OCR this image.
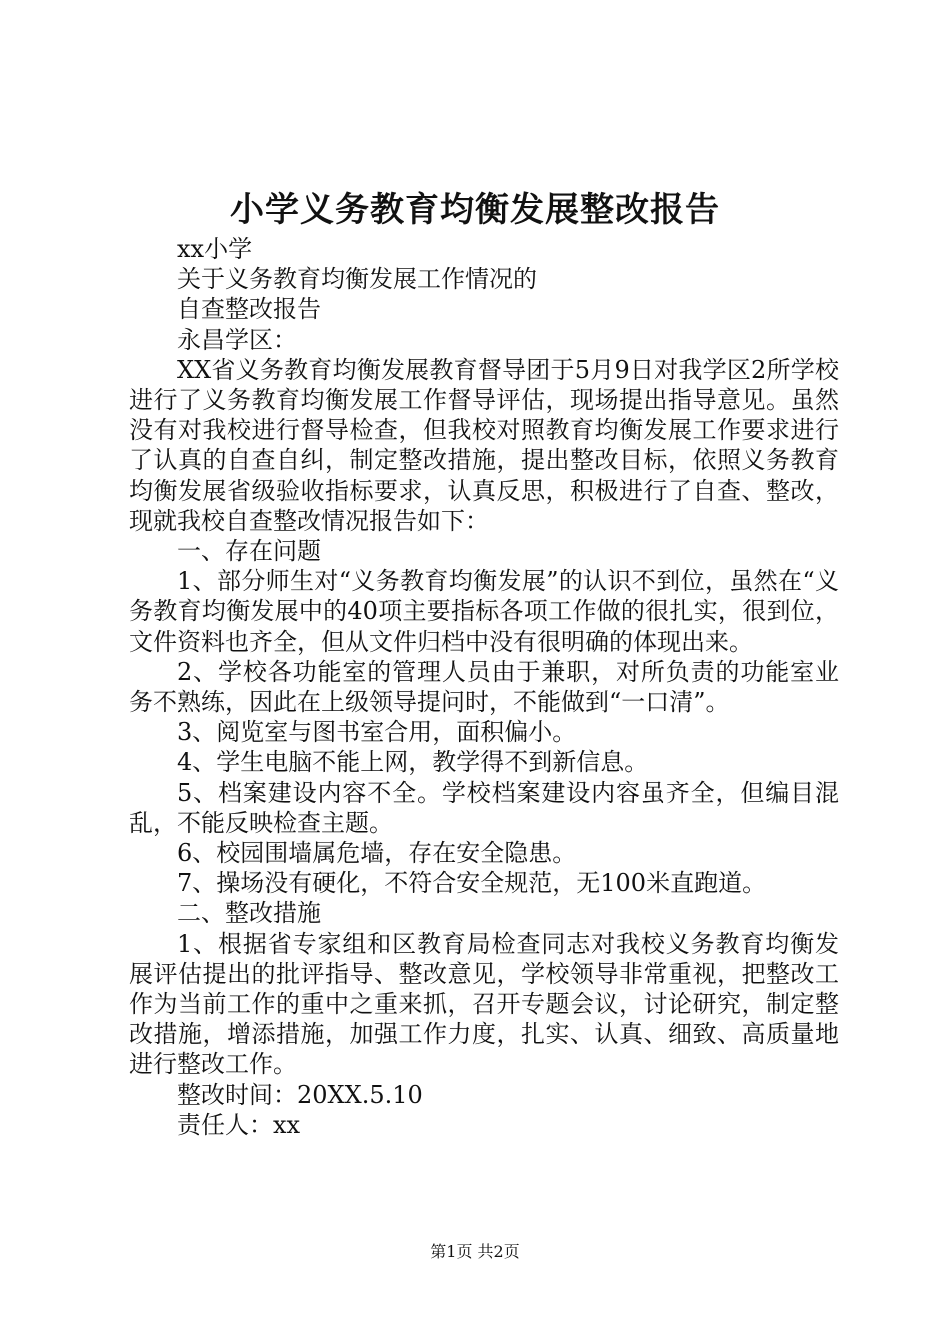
小学义务教育均衡发展整改报告

xx小学

关于义务教育均衡发展工作情况的

自查整改报告

永昌学区：

XX省义务教育均衡发展教育督导团于5月9日对我学区2所学校进行了义务教育均衡发展工作督导评估，现场提出指导意见。虽然没有对我校进行督导检查，但我校对照教育均衡发展工作要求进行了认真的自查自纠，制定整改措施，提出整改目标，依照义务教育均衡发展省级验收指标要求，认真反思，积极进行了自查、整改，现就我校自查整改情况报告如下：

一、存在问题

1、部分师生对“义务教育均衡发展”的认识不到位，虽然在“义务教育均衡发展中的40项主要指标各项工作做的很扎实，很到位，文件资料也齐全，但从文件归档中没有很明确的体现出来。

2、学校各功能室的管理人员由于兼职，对所负责的功能室业务不熟练，因此在上级领导提问时，不能做到“一口清”。

3、阅览室与图书室合用，面积偏小。

4、学生电脑不能上网，教学得不到新信息。

5、档案建设内容不全。学校档案建设内容虽齐全，但编目混乱，不能反映检查主题。

6、校园围墙属危墙，存在安全隐患。

7、操场没有硬化，不符合安全规范，无100米直跑道。

二、整改措施

1、根据省专家组和区教育局检查同志对我校义务教育均衡发展评估提出的批评指导、整改意见，学校领导非常重视，把整改工作为当前工作的重中之重来抓，召开专题会议，讨论研究，制定整改措施，增添措施，加强工作力度，扎实、认真、细致、高质量地进行整改工作。

整改时间：20XX.5.10

责任人：xx

第1页 共2页
